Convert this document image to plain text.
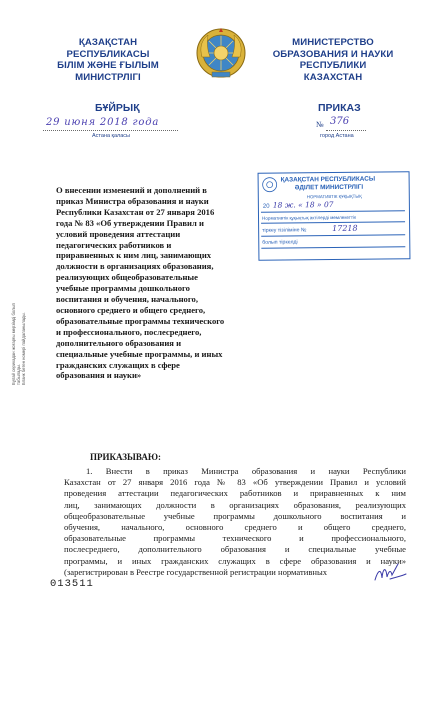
ҚАЗАҚСТАН
РЕСПУБЛИКАСЫ
БІЛІМ ЖӘНЕ ҒЫЛЫМ
МИНИСТРЛІГІ
МИНИСТЕРСТВО
ОБРАЗОВАНИЯ И НАУКИ
РЕСПУБЛИКИ
КАЗАХСТАН
БҰЙРЫҚ	ПРИКАЗ
29 июня 2018 года	№ 376
Астана қаласы	город Астана
ҚАЗАҚСТАН РЕСПУБЛИКАСЫ
ӘДІЛЕТ МИНИСТРЛІГІ
НОРМАТИВТІК ҚҰҚЫҚТЫҚ
20 18 ж. « 18 » 07
Нормативтік құқықтық актілерді мемлекеттік
тіркеу тізіліміне №	17218
болып тіркелді
Бұлай серикадан жоғарғы мерзімді болып табылады.
Бланк бөтен номері пайдаланылады.
О внесении изменений и дополнений в
приказ Министра образования и науки
Республики Казахстан от 27 января 2016
года № 83 «Об утверждении Правил и
условий проведения аттестации
педагогических работников и
приравненных к ним лиц, занимающих
должности в организациях образования,
реализующих общеобразовательные
учебные программы дошкольного
воспитания и обучения, начального,
основного среднего и общего среднего,
образовательные программы технического
и профессионального, послесреднего,
дополнительного образования и
специальные учебные программы, и иных
гражданских служащих в сфере
образования и науки»
ПРИКАЗЫВАЮ:
1. Внести в приказ Министра образования и науки Республики
Казахстан от 27 января 2016 года № 83 «Об утверждении Правил и условий
проведения аттестации педагогических работников и приравненных к ним
лиц, занимающих должности в организациях образования, реализующих
общеобразовательные учебные программы дошкольного воспитания и
обучения, начального, основного среднего и общего среднего,
образовательные программы технического и профессионального,
послесреднего, дополнительного образования и специальные учебные
программы, и иных гражданских служащих в сфере образования и науки»
(зарегистрирован в Реестре государственной регистрации нормативных
013511
